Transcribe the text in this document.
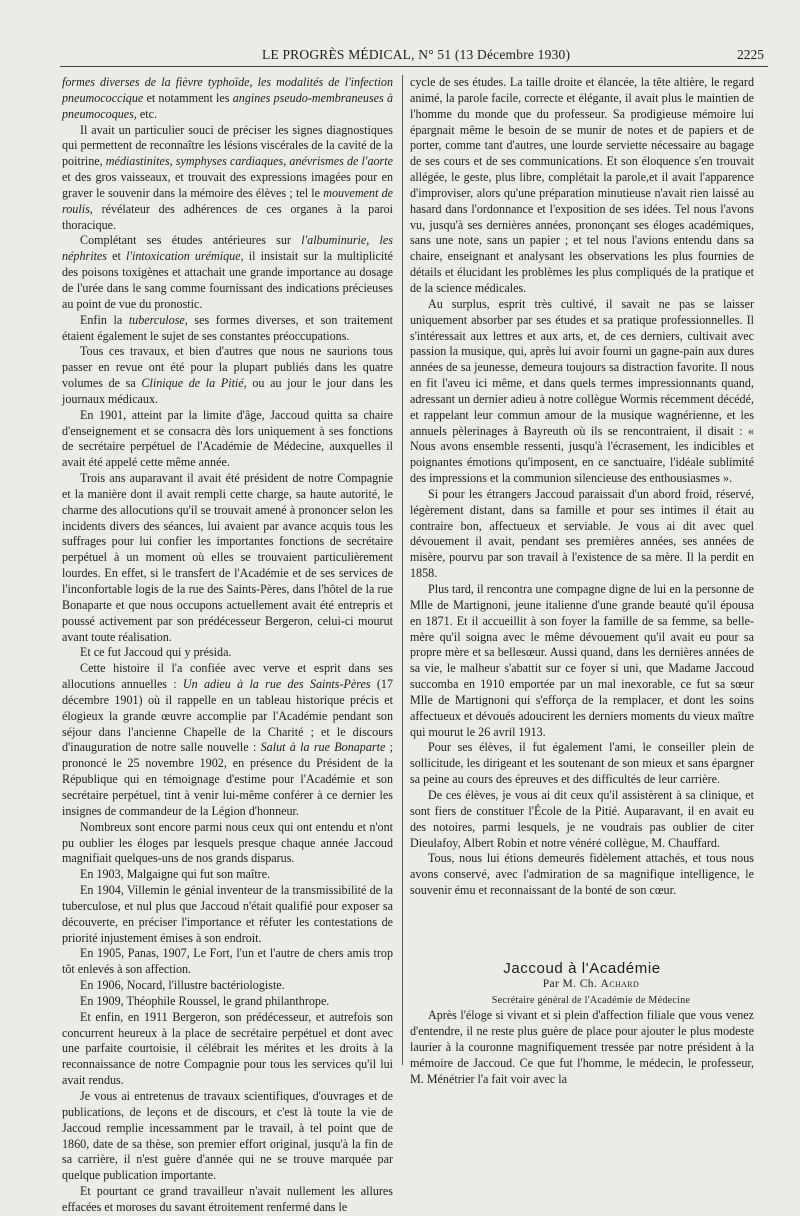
LE PROGRÈS MÉDICAL, N° 51 (13 Décembre 1930)	2225

formes diverses de la fièvre typhoïde, les modalités de l'infection pneumococcique et notamment les angines pseudo-membraneuses à pneumocoques, etc.

Il avait un particulier souci de préciser les signes diagnostiques qui permettent de reconnaître les lésions viscérales de la cavité de la poitrine, médiastinites, symphyses cardiaques, anévrismes de l'aorte et des gros vaisseaux, et trouvait des expressions imagées pour en graver le souvenir dans la mémoire des élèves ; tel le mouvement de roulis, révélateur des adhérences de ces organes à la paroi thoracique.

Complétant ses études antérieures sur l'albuminurie, les néphrites et l'intoxication urémique, il insistait sur la multiplicité des poisons toxigènes et attachait une grande importance au dosage de l'urée dans le sang comme fournissant des indications précieuses au point de vue du pronostic.

Enfin la tuberculose, ses formes diverses, et son traitement étaient également le sujet de ses constantes préoccupations.

Tous ces travaux, et bien d'autres que nous ne saurions tous passer en revue ont été pour la plupart publiés dans les quatre volumes de sa Clinique de la Pitié, ou au jour le jour dans les journaux médicaux.

En 1901, atteint par la limite d'âge, Jaccoud quitta sa chaire d'enseignement et se consacra dès lors uniquement à ses fonctions de secrétaire perpétuel de l'Académie de Médecine, auxquelles il avait été appelé cette même année.

Trois ans auparavant il avait été président de notre Compagnie et la manière dont il avait rempli cette charge, sa haute autorité, le charme des allocutions qu'il se trouvait amené à prononcer selon les incidents divers des séances, lui avaient par avance acquis tous les suffrages pour lui confier les importantes fonctions de secrétaire perpétuel à un moment où elles se trouvaient particulièrement lourdes. En effet, si le transfert de l'Académie et de ses services de l'inconfortable logis de la rue des Saints-Pères, dans l'hôtel de la rue Bonaparte et que nous occupons actuellement avait été entrepris et poussé activement par son prédécesseur Bergeron, celui-ci mourut avant toute réalisation.

Et ce fut Jaccoud qui y présida.

Cette histoire il l'a confiée avec verve et esprit dans ses allocutions annuelles : Un adieu à la rue des Saints-Pères (17 décembre 1901) où il rappelle en un tableau historique précis et élogieux la grande œuvre accomplie par l'Académie pendant son séjour dans l'ancienne Chapelle de la Charité ; et le discours d'inauguration de notre salle nouvelle : Salut à la rue Bonaparte ; prononcé le 25 novembre 1902, en présence du Président de la République qui en témoignage d'estime pour l'Académie et son secrétaire perpétuel, tint à venir lui-même conférer à ce dernier les insignes de commandeur de la Légion d'honneur.

Nombreux sont encore parmi nous ceux qui ont entendu et n'ont pu oublier les éloges par lesquels presque chaque année Jaccoud magnifiait quelques-uns de nos grands disparus.

En 1903, Malgaigne qui fut son maître.

En 1904, Villemin le génial inventeur de la transmissibilité de la tuberculose, et nul plus que Jaccoud n'était qualifié pour exposer sa découverte, en préciser l'importance et réfuter les contestations de priorité injustement émises à son endroit.

En 1905, Panas, 1907, Le Fort, l'un et l'autre de chers amis trop tôt enlevés à son affection.

En 1906, Nocard, l'illustre bactériologiste.

En 1909, Théophile Roussel, le grand philanthrope.

Et enfin, en 1911 Bergeron, son prédécesseur, et autrefois son concurrent heureux à la place de secrétaire perpétuel et dont avec une parfaite courtoisie, il célébrait les mérites et les droits à la reconnaissance de notre Compagnie pour tous les services qu'il lui avait rendus.

Je vous ai entretenus de travaux scientifiques, d'ouvrages et de publications, de leçons et de discours, et c'est là toute la vie de Jaccoud remplie incessamment par le travail, à tel point que de 1860, date de sa thèse, son premier effort original, jusqu'à la fin de sa carrière, il n'est guère d'année qui ne se trouve marquée par quelque publication importante.

Et pourtant ce grand travailleur n'avait nullement les allures effacées et moroses du savant étroitement renfermé dans le

cycle de ses études. La taille droite et élancée, la tête altière, le regard animé, la parole facile, correcte et élégante, il avait plus le maintien de l'homme du monde que du professeur. Sa prodigieuse mémoire lui épargnait même le besoin de se munir de notes et de papiers et de porter, comme tant d'autres, une lourde serviette nécessaire au bagage de ses cours et de ses communications. Et son éloquence s'en trouvait allégée, le geste, plus libre, complétait la parole,et il avait l'apparence d'improviser, alors qu'une préparation minutieuse n'avait rien laissé au hasard dans l'ordonnance et l'exposition de ses idées. Tel nous l'avons vu, jusqu'à ses dernières années, prononçant ses éloges académiques, sans une note, sans un papier ; et tel nous l'avions entendu dans sa chaire, enseignant et analysant les observations les plus fournies de détails et élucidant les problèmes les plus compliqués de la pratique et de la science médicales.

Au surplus, esprit très cultivé, il savait ne pas se laisser uniquement absorber par ses études et sa pratique professionnelles. Il s'intéressait aux lettres et aux arts, et, de ces derniers, cultivait avec passion la musique, qui, après lui avoir fourni un gagne-pain aux dures années de sa jeunesse, demeura toujours sa distraction favorite. Il nous en fit l'aveu ici même, et dans quels termes impressionnants quand, adressant un dernier adieu à notre collègue Wormis récemment décédé, et rappelant leur commun amour de la musique wagnérienne, et les annuels pèlerinages à Bayreuth où ils se rencontraient, il disait : « Nous avons ensemble ressenti, jusqu'à l'écrasement, les indicibles et poignantes émotions qu'imposent, en ce sanctuaire, l'idéale sublimité des impressions et la communion silencieuse des enthousiasmes ».

Si pour les étrangers Jaccoud paraissait d'un abord froid, réservé, légèrement distant, dans sa famille et pour ses intimes il était au contraire bon, affectueux et serviable. Je vous ai dit avec quel dévouement il avait, pendant ses premières années, ses années de misère, pourvu par son travail à l'existence de sa mère. Il la perdit en 1858.

Plus tard, il rencontra une compagne digne de lui en la personne de Mlle de Martignoni, jeune italienne d'une grande beauté qu'il épousa en 1871. Et il accueillit à son foyer la famille de sa femme, sa belle-mère qu'il soigna avec le même dévouement qu'il avait eu pour sa propre mère et sa bellesœur. Aussi quand, dans les dernières années de sa vie, le malheur s'abattit sur ce foyer si uni, que Madame Jaccoud succomba en 1910 emportée par un mal inexorable, ce fut sa sœur Mlle de Martignoni qui s'efforça de la remplacer, et dont les soins affectueux et dévoués adoucirent les derniers moments du vieux maître qui mourut le 26 avril 1913.

Pour ses élèves, il fut également l'ami, le conseiller plein de sollicitude, les dirigeant et les soutenant de son mieux et sans épargner sa peine au cours des épreuves et des difficultés de leur carrière.

De ces élèves, je vous ai dit ceux qu'il assistèrent à sa clinique, et sont fiers de constituer l'École de la Pitié. Auparavant, il en avait eu des notoires, parmi lesquels, je ne voudrais pas oublier de citer Dieulafoy, Albert Robin et notre vénéré collègue, M. Chauffard.

Tous, nous lui étions demeurés fidèlement attachés, et tous nous avons conservé, avec l'admiration de sa magnifique intelligence, le souvenir ému et reconnaissant de la bonté de son cœur.

Jaccoud à l'Académie

Par M. Ch. Achard

Secrétaire général de l'Académie de Médecine

Après l'éloge si vivant et si plein d'affection filiale que vous venez d'entendre, il ne reste plus guère de place pour ajouter le plus modeste laurier à la couronne magnifiquement tressée par notre président à la mémoire de Jaccoud. Ce que fut l'homme, le médecin, le professeur, M. Ménétrier l'a fait voir avec la
